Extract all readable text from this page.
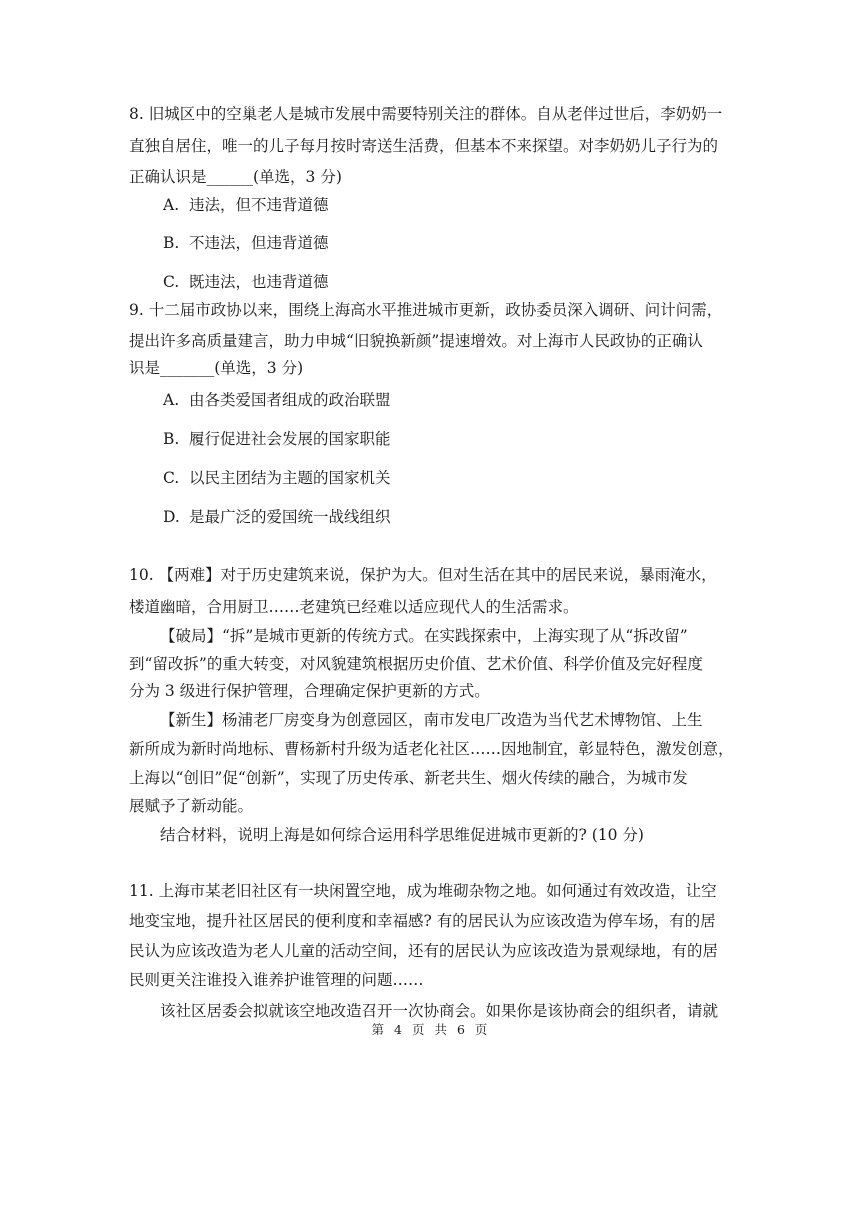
8. 旧城区中的空巢老人是城市发展中需要特别关注的群体。自从老伴过世后，李奶奶一
直独自居住，唯一的儿子每月按时寄送生活费，但基本不来探望。对李奶奶儿子行为的
正确认识是______(单选，3 分)
A. 违法，但不违背道德
B. 不违法，但违背道德
C. 既违法，也违背道德
9. 十二届市政协以来，围绕上海高水平推进城市更新，政协委员深入调研、问计问需，
提出许多高质量建言，助力申城“旧貌换新颜”提速增效。对上海市人民政协的正确认
识是_______(单选，3 分)
A. 由各类爱国者组成的政治联盟
B. 履行促进社会发展的国家职能
C. 以民主团结为主题的国家机关
D. 是最广泛的爱国统一战线组织
10. 【两难】对于历史建筑来说，保护为大。但对生活在其中的居民来说，暴雨淹水，
楼道幽暗，合用厨卫……老建筑已经难以适应现代人的生活需求。
【破局】“拆”是城市更新的传统方式。在实践探索中，上海实现了从“拆改留”
到“留改拆”的重大转变，对风貌建筑根据历史价值、艺术价值、科学价值及完好程度
分为 3 级进行保护管理，合理确定保护更新的方式。
【新生】杨浦老厂房变身为创意园区，南市发电厂改造为当代艺术博物馆、上生
新所成为新时尚地标、曹杨新村升级为适老化社区……因地制宜，彰显特色，激发创意，
上海以“创旧”促“创新”，实现了历史传承、新老共生、烟火传续的融合，为城市发
展赋予了新动能。
结合材料，说明上海是如何综合运用科学思维促进城市更新的? (10 分)
11. 上海市某老旧社区有一块闲置空地，成为堆砌杂物之地。如何通过有效改造，让空
地变宝地，提升社区居民的便利度和幸福感? 有的居民认为应该改造为停车场，有的居
民认为应该改造为老人儿童的活动空间，还有的居民认为应该改造为景观绿地，有的居
民则更关注谁投入谁养护谁管理的问题……
该社区居委会拟就该空地改造召开一次协商会。如果你是该协商会的组织者，请就
第 4 页 共 6 页
